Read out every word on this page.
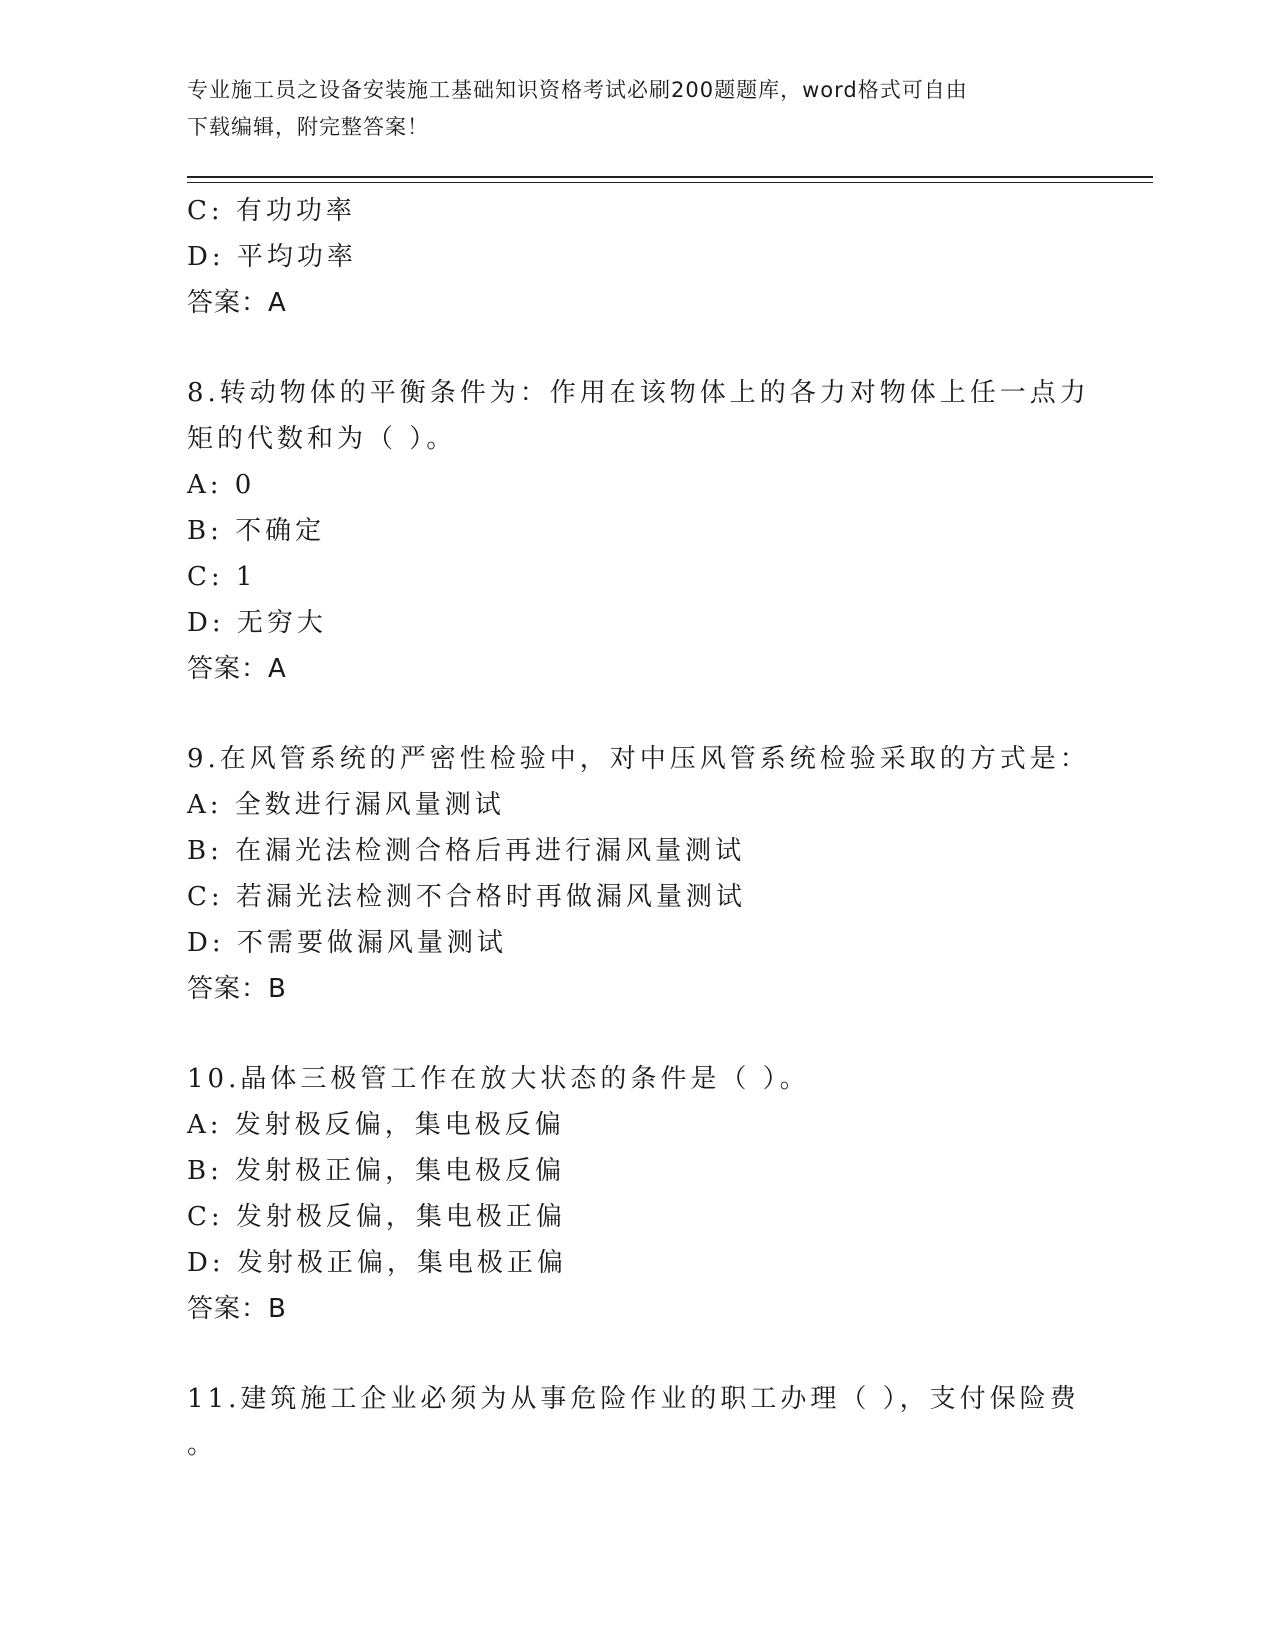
专业施工员之设备安装施工基础知识资格考试必刷200题题库，word格式可自由
下载编辑，附完整答案！
C: 有功功率
D: 平均功率
答案：A
8.转动物体的平衡条件为：作用在该物体上的各力对物体上任一点力
矩的代数和为（ ）。
A: 0
B: 不确定
C: 1
D: 无穷大
答案：A
9.在风管系统的严密性检验中，对中压风管系统检验采取的方式是：
A: 全数进行漏风量测试
B: 在漏光法检测合格后再进行漏风量测试
C: 若漏光法检测不合格时再做漏风量测试
D: 不需要做漏风量测试
答案：B
10.晶体三极管工作在放大状态的条件是（ ）。
A: 发射极反偏，集电极反偏
B: 发射极正偏，集电极反偏
C: 发射极反偏，集电极正偏
D: 发射极正偏，集电极正偏
答案：B
11.建筑施工企业必须为从事危险作业的职工办理（ ），支付保险费
。
